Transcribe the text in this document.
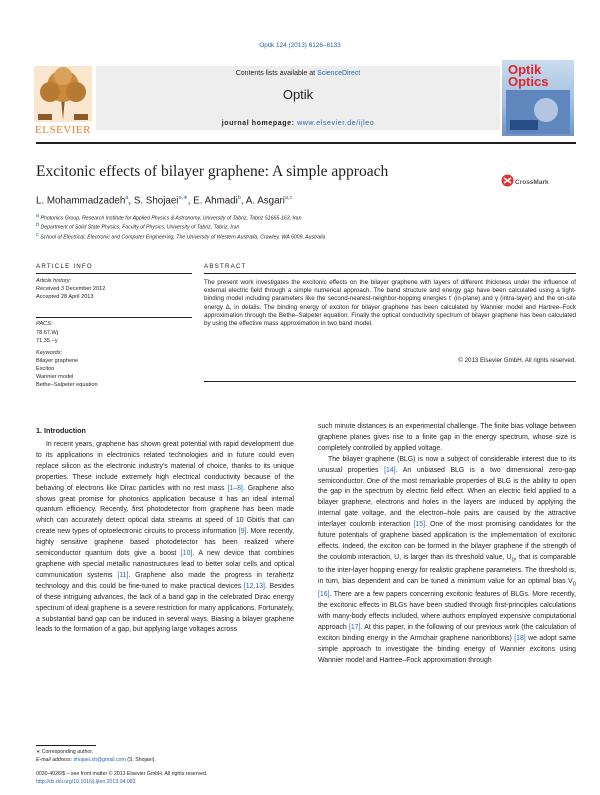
Optik 124 (2013) 6126–6133
Contents lists available at ScienceDirect
Optik
journal homepage: www.elsevier.de/ijleo
ELSEVIER
Optik
Optics
Excitonic effects of bilayer graphene: A simple approach
CrossMark
L. Mohammadzadeh$^a$, S. Shojaei$^{a,∗}$, E. Ahmadi$^b$, A. Asgari$^{a,c}$
$^a$ Photonics Group, Research Institute for Applied Physics & Astronomy, University of Tabriz, Tabriz 51665-163, Iran
$^b$ Department of Solid State Physics, Faculty of Physics, University of Tabriz, Tabriz, Iran
$^c$ School of Electrical, Electronic and Computer Engineering, The University of Western Australia, Crawley, WA 6009, Australia
ARTICLE INFO	ABSTRACT
Article history:
Received 3 December 2012
Accepted 28 April 2013
PACS:
78.67.Wj
71.35.−y
Keywords:
Bilayer graphene
Exciton
Wannier model
Bethe–Salpeter equation
The present work investigates the excitonic effects on the bilayer graphene with layers of different thickness under the influence of external electric field through a simple numerical approach. The band structure and energy gap have been calculated using a tight-binding model including parameters like the second-nearest-neighbor-hopping energies t′ (in-plane) and γ (intra-layer) and the on-site energy Δ, in details. The binding energy of exciton for bilayer graphene has been calculated by Wannier model and Hartree–Fock approximation through the Bethe–Salpeter equation. Finally the optical conductivity spectrum of bilayer graphene has been calculated by using the effective mass approximation in two band model.
© 2013 Elsevier GmbH. All rights reserved.
1. Introduction

In recent years, graphene has shown great potential with rapid development due to its applications in electronics related technologies and in future could even replace silicon as the electronic industry's material of choice, thanks to its unique properties. These include extremely high electrical conductivity because of the behaving of electrons like Dirac particles with no rest mass [1–8]. Graphene also shows great promise for photonics application because it has an ideal internal quantum efficiency. Recently, first photodetector from graphene has been made which can accurately detect optical data streams at speed of 10 Gbit/s that can create new types of optoelectronic circuits to process information [9]. More recently, highly sensitive graphene based photodetector has been realized where semiconductor quantum dots give a boost [10]. A new device that combines graphene with special metallic nanostructures lead to better solar cells and optical communication systems [11]. Graphene also made the progress in terahertz technology and this could be fine-tuned to make practical devices [12,13]. Besides of these intriguing advances, the lack of a band gap in the celebrated Dirac energy spectrum of ideal graphene is a severe restriction for many applications. Fortunately, a substantial band gap can be induced in several ways. Biasing a bilayer graphene leads to the formation of a gap, but applying large voltages across

such minute distances is an experimental challenge. The finite bias voltage between graphene planes gives rise to a finite gap in the energy spectrum, whose size is completely controlled by applied voltage.

The bilayer graphene (BLG) is now a subject of considerable interest due to its unusual properties [14]. An unbiased BLG is a two dimensional zero-gap semiconductor. One of the most remarkable properties of BLG is the ability to open the gap in the spectrum by electric field effect. When an electric field applied to a bilayer graphene, electrons and holes in the layers are induced by applying the internal gate voltage, and the electron–hole pairs are caused by the attractive interlayer coulomb interaction [15]. One of the most promising candidates for the future potentials of graphene based application is the implementation of excitonic effects. Indeed, the exciton can be formed in the bilayer graphene if the strength of the coulomb interaction, U, is larger than its threshold value, $U_0$, that is comparable to the inter-layer hopping energy for realistic graphene parameters. The threshold is, in turn, bias dependent and can be tuned a minimum value for an optimal bias $V_0$ [16]. There are a few papers concerning excitonic features of BLGs. More recently, the excitonic effects in BLGs have been studied through first-principles calculations with many-body effects included, where authors employed expensive computational approach [17]. At this paper, in the following of our previous work (the calculation of exciton binding energy in the Armchair graphene nanoribbons) [18] we adopt same simple approach to investigate the binding energy of Wannier excitons using Wannier model and Hartree–Fock approximation through

∗ Corresponding author.
E-mail address: shojaei.sh@gmail.com (S. Shojaei).
0030-4026/$ – see front matter © 2013 Elsevier GmbH. All rights reserved.
http://dx.doi.org/10.1016/j.ijleo.2013.04.083
